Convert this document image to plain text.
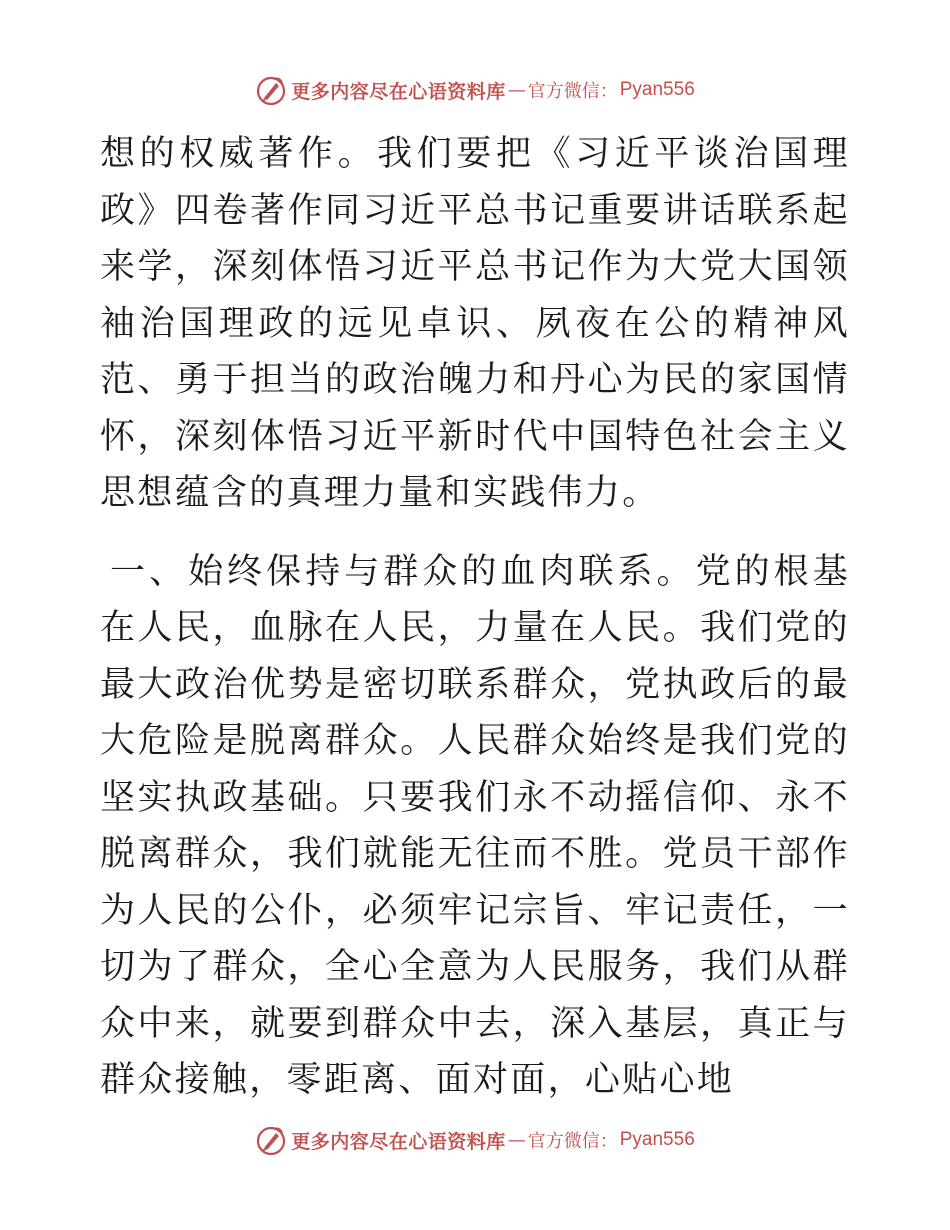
更多内容尽在心语资料库 — 官方微信： Pyan556

想的权威著作。我们要把《习近平谈治国理政》四卷著作同习近平总书记重要讲话联系起来学，深刻体悟习近平总书记作为大党大国领袖治国理政的远见卓识、夙夜在公的精神风范、勇于担当的政治魄力和丹心为民的家国情怀，深刻体悟习近平新时代中国特色社会主义思想蕴含的真理力量和实践伟力。

一、始终保持与群众的血肉联系。党的根基在人民，血脉在人民，力量在人民。我们党的最大政治优势是密切联系群众，党执政后的最大危险是脱离群众。人民群众始终是我们党的坚实执政基础。只要我们永不动摇信仰、永不脱离群众，我们就能无往而不胜。党员干部作为人民的公仆，必须牢记宗旨、牢记责任，一切为了群众，全心全意为人民服务，我们从群众中来，就要到群众中去，深入基层，真正与群众接触，零距离、面对面，心贴心地

更多内容尽在心语资料库 — 官方微信： Pyan556
